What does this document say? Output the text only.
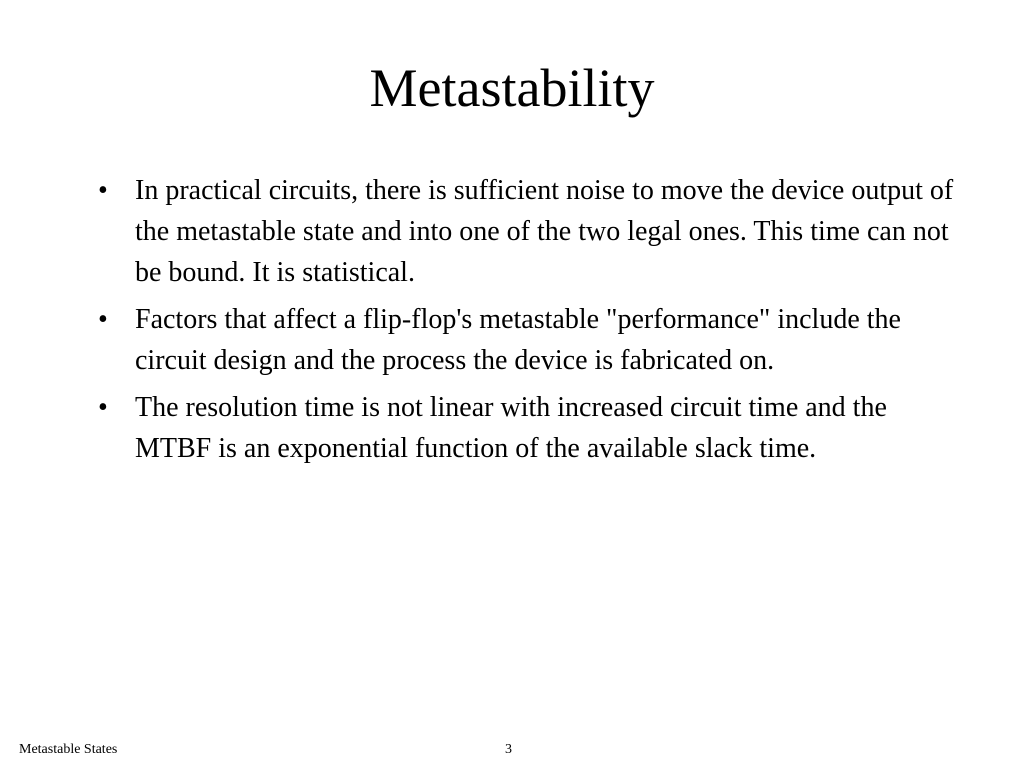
Metastability
• In practical circuits, there is sufficient noise to move the device output of the metastable state and into one of the two legal ones. This time can not be bound. It is statistical.
• Factors that affect a flip-flop's metastable "performance" include the circuit design and the process the device is fabricated on.
• The resolution time is not linear with increased circuit time and the MTBF is an exponential function of the available slack time.
Metastable States	3
